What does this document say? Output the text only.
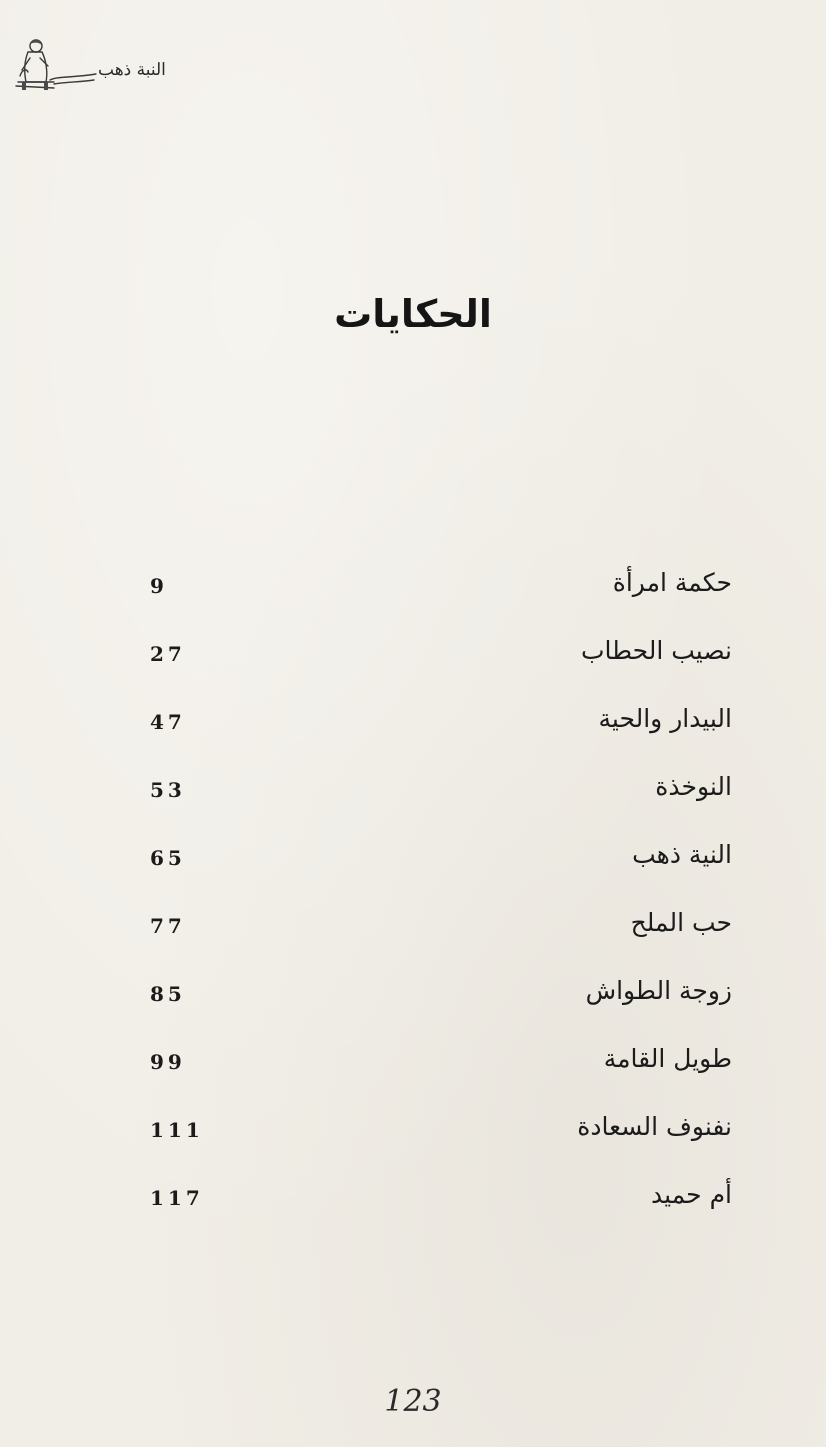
النبة ذهب
الحكايات
حكمة امرأة
9
نصيب الحطاب
27
البيدار والحية
47
النوخذة
53
النية ذهب
65
حب الملح
77
زوجة الطواش
85
طويل القامة
99
نفنوف السعادة
111
أم حميد
117
123
